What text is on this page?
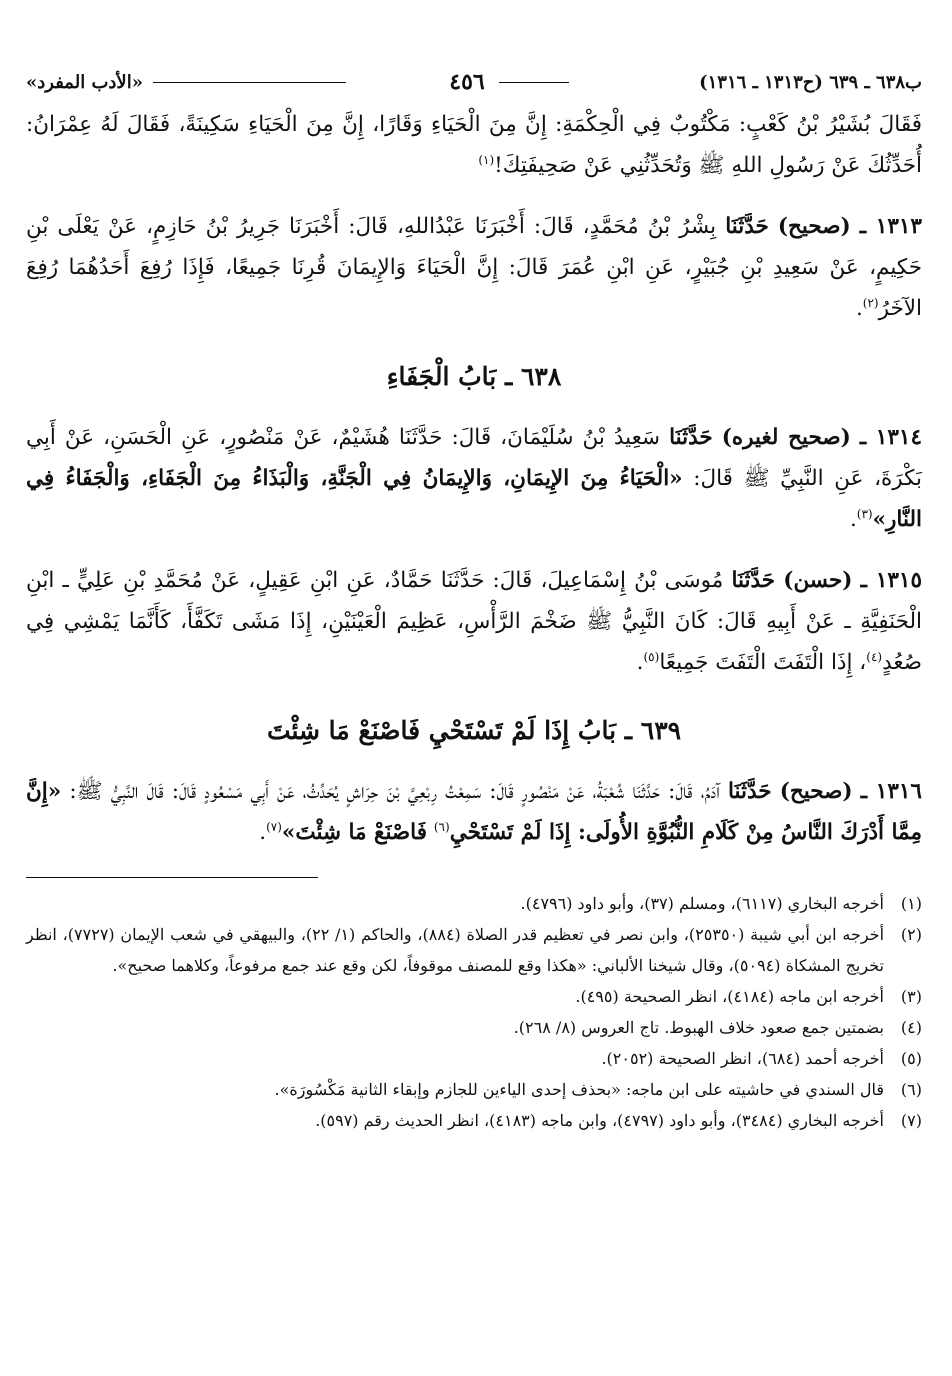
ب٦٣٨ ـ ٦٣٩ (ح١٣١٣ ـ ١٣١٦)
٤٥٦
«الأدب المفرد»

فَقَالَ بُشَيْرُ بْنُ كَعْبٍ: مَكْتُوبٌ فِي الْحِكْمَةِ: إِنَّ مِنَ الْحَيَاءِ وَقَارًا، إِنَّ مِنَ الْحَيَاءِ سَكِينَةً، فَقَالَ لَهُ عِمْرَانُ: أُحَدِّثُكَ عَنْ رَسُولِ اللهِ ﷺ وَتُحَدِّثُنِي عَنْ صَحِيفَتِكَ!$^{(١)}$

١٣١٣ ـ (صحيح) حَدَّثَنَا بِشْرُ بْنُ مُحَمَّدٍ، قَالَ: أَخْبَرَنَا عَبْدُاللهِ، قَالَ: أَخْبَرَنَا جَرِيرُ بْنُ حَازِمٍ، عَنْ يَعْلَى بْنِ حَكِيمٍ، عَنْ سَعِيدِ بْنِ جُبَيْرٍ، عَنِ ابْنِ عُمَرَ قَالَ: إِنَّ الْحَيَاءَ وَالإِيمَانَ قُرِنَا جَمِيعًا، فَإِذَا رُفِعَ أَحَدُهُمَا رُفِعَ الآخَرُ$^{(٢)}$.

٦٣٨ ـ بَابُ الْجَفَاءِ

١٣١٤ ـ (صحيح لغيره) حَدَّثَنَا سَعِيدُ بْنُ سُلَيْمَانَ، قَالَ: حَدَّثَنَا هُشَيْمٌ، عَنْ مَنْصُورٍ، عَنِ الْحَسَنِ، عَنْ أَبِي بَكْرَةَ، عَنِ النَّبِيِّ ﷺ قَالَ: «الْحَيَاءُ مِنَ الإِيمَانِ، وَالإِيمَانُ فِي الْجَنَّةِ، وَالْبَذَاءُ مِنَ الْجَفَاءِ، وَالْجَفَاءُ فِي النَّارِ»$^{(٣)}$.

١٣١٥ ـ (حسن) حَدَّثَنَا مُوسَى بْنُ إِسْمَاعِيلَ، قَالَ: حَدَّثَنَا حَمَّادٌ، عَنِ ابْنِ عَقِيلٍ، عَنْ مُحَمَّدِ بْنِ عَلِيٍّ ـ ابْنِ الْحَنَفِيَّةِ ـ عَنْ أَبِيهِ قَالَ: كَانَ النَّبِيُّ ﷺ ضَخْمَ الرَّأْسِ، عَظِيمَ الْعَيْنَيْنِ، إِذَا مَشَى تَكَفَّأَ، كَأَنَّمَا يَمْشِي فِي صُعُدٍ$^{(٤)}$، إِذَا الْتَفَتَ الْتَفَتَ جَمِيعًا$^{(٥)}$.

٦٣٩ ـ بَابُ إِذَا لَمْ تَسْتَحْيِ فَاصْنَعْ مَا شِئْتَ

١٣١٦ ـ (صحيح) حَدَّثَنَا آدَمُ، قَالَ: حَدَّثَنَا شُعْبَةُ، عَنْ مَنْصُورٍ قَالَ: سَمِعْتُ رِبْعِيَّ بْنَ حِرَاشٍ يُحَدِّثُ، عَنْ أَبِي مَسْعُودٍ قَالَ: قَالَ النَّبِيُّ ﷺ: «إِنَّ مِمَّا أَدْرَكَ النَّاسُ مِنْ كَلَامِ النُّبُوَّةِ الأُولَى: إِذَا لَمْ تَسْتَحْيِ$^{(٦)}$ فَاصْنَعْ مَا شِئْتَ»$^{(٧)}$.

(١)
أخرجه البخاري (٦١١٧)، ومسلم (٣٧)، وأبو داود (٤٧٩٦).
(٢)
أخرجه ابن أبي شيبة (٢٥٣٥٠)، وابن نصر في تعظيم قدر الصلاة (٨٨٤)، والحاكم (١/ ٢٢)، والبيهقي في شعب الإيمان (٧٧٢٧)، انظر تخريج المشكاة (٥٠٩٤)، وقال شيخنا الألباني: «هكذا وقع للمصنف موقوفاً، لكن وقع عند جمع مرفوعاً، وكلاهما صحيح».
(٣)
أخرجه ابن ماجه (٤١٨٤)، انظر الصحيحة (٤٩٥).
(٤)
بضمتين جمع صعود خلاف الهبوط. تاج العروس (٨/ ٢٦٨).
(٥)
أخرجه أحمد (٦٨٤)، انظر الصحيحة (٢٠٥٢).
(٦)
قال السندي في حاشيته على ابن ماجه: «بحذف إحدى الياءين للجازم وإبقاء الثانية مَكْسُورَة».
(٧)
أخرجه البخاري (٣٤٨٤)، وأبو داود (٤٧٩٧)، وابن ماجه (٤١٨٣)، انظر الحديث رقم (٥٩٧).
